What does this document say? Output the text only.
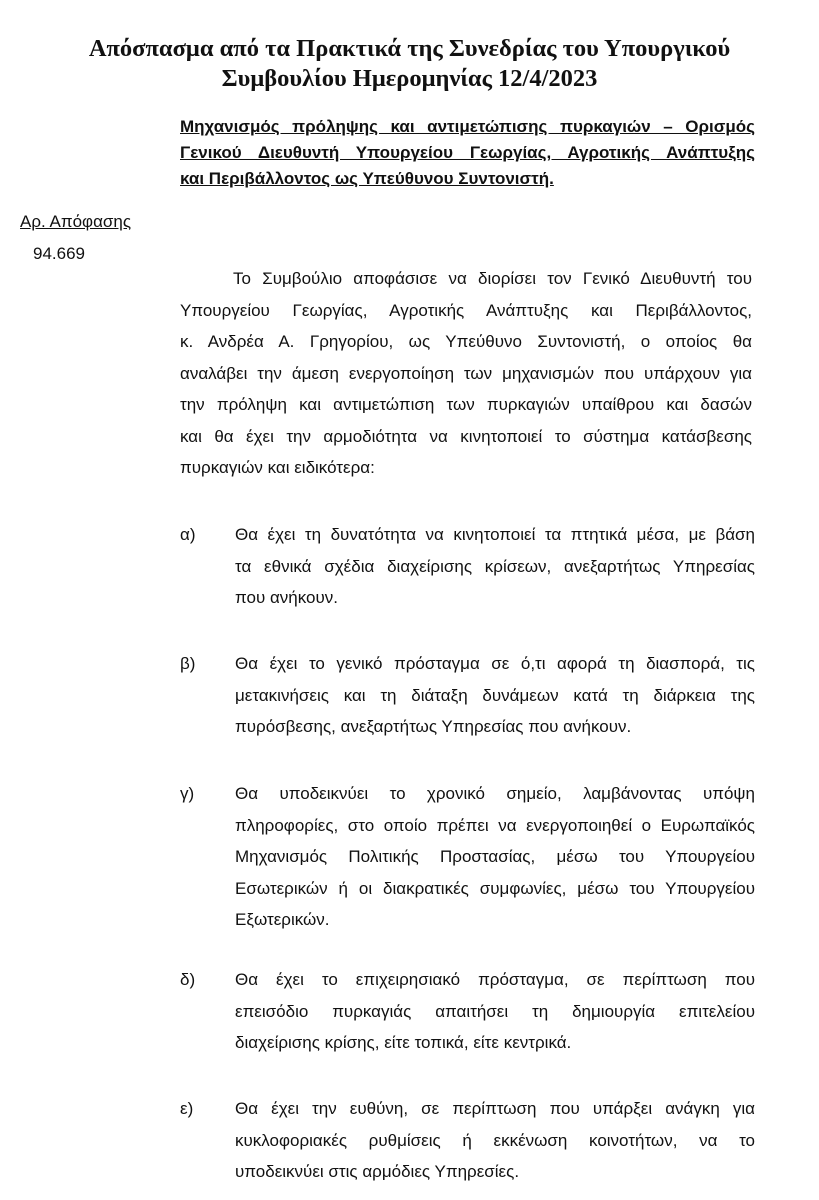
Απόσπασμα από τα Πρακτικά της Συνεδρίας του Υπουργικού
Συμβουλίου Ημερομηνίας 12/4/2023
Μηχανισμός πρόληψης και αντιμετώπισης πυρκαγιών – Ορισμός
Γενικού Διευθυντή Υπουργείου Γεωργίας, Αγροτικής Ανάπτυξης
και Περιβάλλοντος ως Υπεύθυνου Συντονιστή.
Αρ. Απόφασης
94.669
Το Συμβούλιο αποφάσισε να διορίσει τον Γενικό Διευθυντή του
Υπουργείου Γεωργίας, Αγροτικής Ανάπτυξης και Περιβάλλοντος,
κ. Ανδρέα Α. Γρηγορίου, ως Υπεύθυνο Συντονιστή, ο οποίος θα
αναλάβει την άμεση ενεργοποίηση των μηχανισμών που υπάρχουν για
την πρόληψη και αντιμετώπιση των πυρκαγιών υπαίθρου και δασών
και θα έχει την αρμοδιότητα να κινητοποιεί το σύστημα κατάσβεσης
πυρκαγιών και ειδικότερα:
α)	Θα έχει τη δυνατότητα να κινητοποιεί τα πτητικά μέσα, με βάση
τα εθνικά σχέδια διαχείρισης κρίσεων, ανεξαρτήτως Υπηρεσίας
που ανήκουν.
β)	Θα έχει το γενικό πρόσταγμα σε ό,τι αφορά τη διασπορά, τις
μετακινήσεις και τη διάταξη δυνάμεων κατά τη διάρκεια της
πυρόσβεσης, ανεξαρτήτως Υπηρεσίας που ανήκουν.
γ)	Θα υποδεικνύει το χρονικό σημείο, λαμβάνοντας υπόψη
πληροφορίες, στο οποίο πρέπει να ενεργοποιηθεί ο Ευρωπαϊκός
Μηχανισμός Πολιτικής Προστασίας, μέσω του Υπουργείου
Εσωτερικών ή οι διακρατικές συμφωνίες, μέσω του Υπουργείου
Εξωτερικών.
δ)	Θα έχει το επιχειρησιακό πρόσταγμα, σε περίπτωση που
επεισόδιο πυρκαγιάς απαιτήσει τη δημιουργία επιτελείου
διαχείρισης κρίσης, είτε τοπικά, είτε κεντρικά.
ε)	Θα έχει την ευθύνη, σε περίπτωση που υπάρξει ανάγκη για
κυκλοφοριακές ρυθμίσεις ή εκκένωση κοινοτήτων, να το
υποδεικνύει στις αρμόδιες Υπηρεσίες.
